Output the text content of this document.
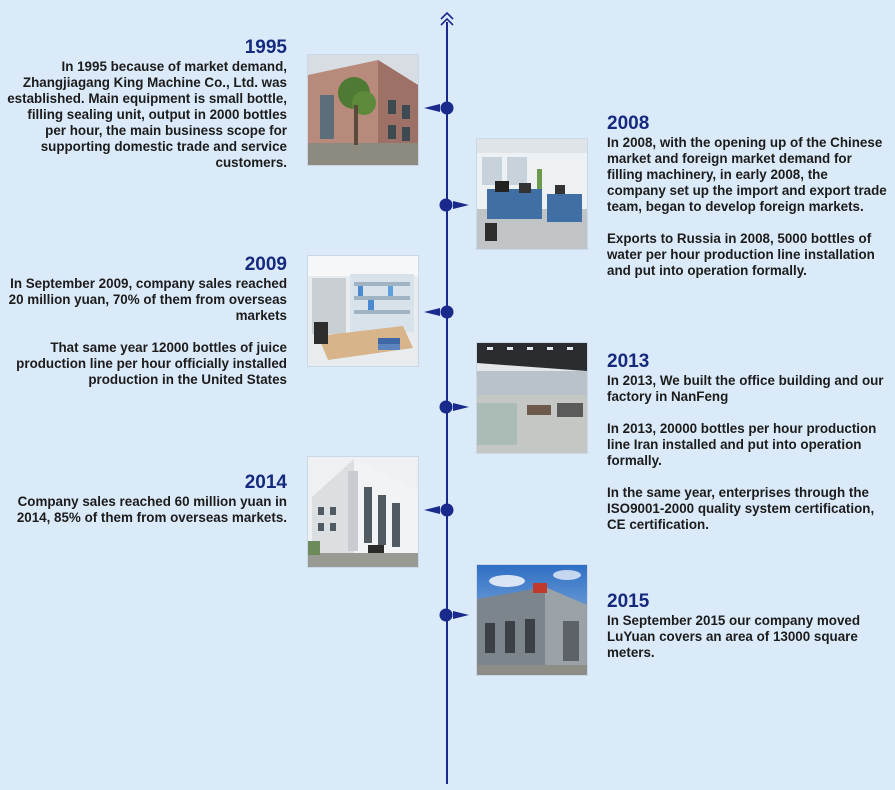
1995

In 1995 because of market demand, Zhangjiagang King Machine Co., Ltd. was established. Main equipment is small bottle, filling sealing unit, output in 2000 bottles per hour, the main business scope for supporting domestic trade and service customers.

2009

In September 2009, company sales reached 20 million yuan, 70% of them from overseas markets

That same year 12000 bottles of juice production line per hour officially installed production in the United States

2014

Company sales reached 60 million yuan in 2014, 85% of them from overseas markets.

2008

In 2008, with the opening up of the Chinese market and foreign market demand for filling machinery, in early 2008, the company set up the import and export trade team, began to develop foreign markets.

Exports to Russia in 2008, 5000 bottles of water per hour production line installation and put into operation formally.

2013

In 2013, We built the office building and our factory in NanFeng

In 2013, 20000 bottles per hour production line Iran installed and put into operation formally.

In the same year, enterprises through the ISO9001-2000 quality system certification, CE certification.

2015

In September 2015 our company moved LuYuan covers an area of 13000 square meters.
